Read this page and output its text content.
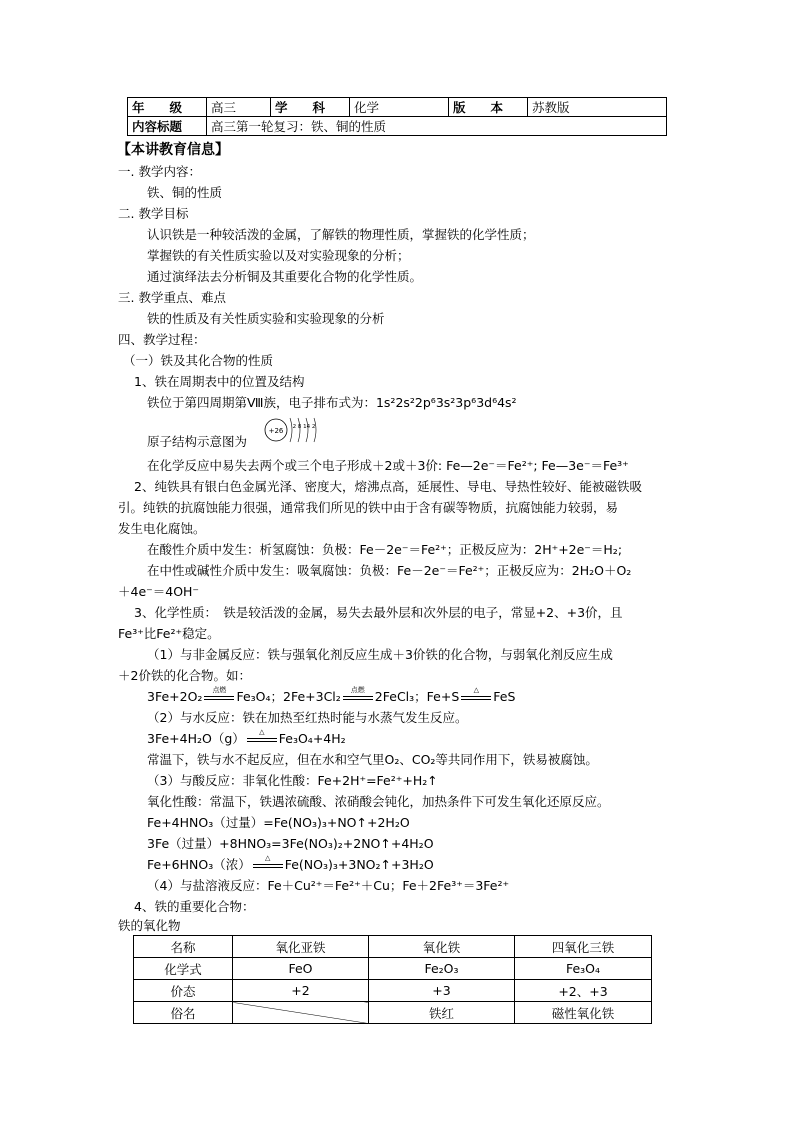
年　　级	高三	学　　科	化学	版　　本	苏教版
内容标题	高三第一轮复习：铁、铜的性质				
【本讲教育信息】
一. 教学内容：
铁、铜的性质
二. 教学目标
认识铁是一种较活泼的金属，了解铁的物理性质，掌握铁的化学性质；
掌握铁的有关性质实验以及对实验现象的分析；
通过演绎法去分析铜及其重要化合物的化学性质。
三. 教学重点、难点
铁的性质及有关性质实验和实验现象的分析
四、教学过程：
（一）铁及其化合物的性质
1、铁在周期表中的位置及结构
铁位于第四周期第Ⅷ族，电子排布式为：1s²2s²2p⁶3s²3p⁶3d⁶4s²
原子结构示意图为
+26 2 8 14 2
在化学反应中易失去两个或三个电子形成＋2或＋3价: Fe—2e⁻＝Fe²⁺; Fe—3e⁻＝Fe³⁺
2、纯铁具有银白色金属光泽、密度大，熔沸点高，延展性、导电、导热性较好、能被磁铁吸
引。纯铁的抗腐蚀能力很强，通常我们所见的铁中由于含有碳等物质，抗腐蚀能力较弱，易
发生电化腐蚀。
在酸性介质中发生：析氢腐蚀：负极：Fe－2e⁻＝Fe²⁺；正极反应为：2H⁺+2e⁻＝H₂;
在中性或碱性介质中发生：吸氧腐蚀：负极：Fe－2e⁻＝Fe²⁺；正极反应为：2H₂O＋O₂
＋4e⁻＝4OH⁻
3、化学性质：　铁是较活泼的金属，易失去最外层和次外层的电子，常显+2、+3价，且
Fe³⁺比Fe²⁺稳定。
（1）与非金属反应：铁与强氧化剂反应生成＋3价铁的化合物，与弱氧化剂反应生成
＋2价铁的化合物。如：
3Fe+2O₂	点燃 Fe₃O₄；2Fe+3Cl₂	点燃 2FeCl₃；Fe+S	△	FeS
（2）与水反应：铁在加热至红热时能与水蒸气发生反应。
3Fe+4H₂O（g）	△	Fe₃O₄+4H₂
常温下，铁与水不起反应，但在水和空气里O₂、CO₂等共同作用下，铁易被腐蚀。
（3）与酸反应：非氧化性酸：Fe+2H⁺=Fe²⁺+H₂↑
氧化性酸：常温下，铁遇浓硫酸、浓硝酸会钝化，加热条件下可发生氧化还原反应。
Fe+4HNO₃（过量）=Fe(NO₃)₃+NO↑+2H₂O
3Fe（过量）+8HNO₃=3Fe(NO₃)₂+2NO↑+4H₂O
Fe+6HNO₃（浓）	△	Fe(NO₃)₃+3NO₂↑+3H₂O
（4）与盐溶液反应：Fe＋Cu²⁺＝Fe²⁺＋Cu；Fe＋2Fe³⁺＝3Fe²⁺
4、铁的重要化合物：
铁的氧化物
名称	氧化亚铁	氧化铁	四氧化三铁
化学式	FeO	Fe₂O₃	Fe₃O₄
价态	+2	+3	+2、+3
俗名		铁红	磁性氧化铁
